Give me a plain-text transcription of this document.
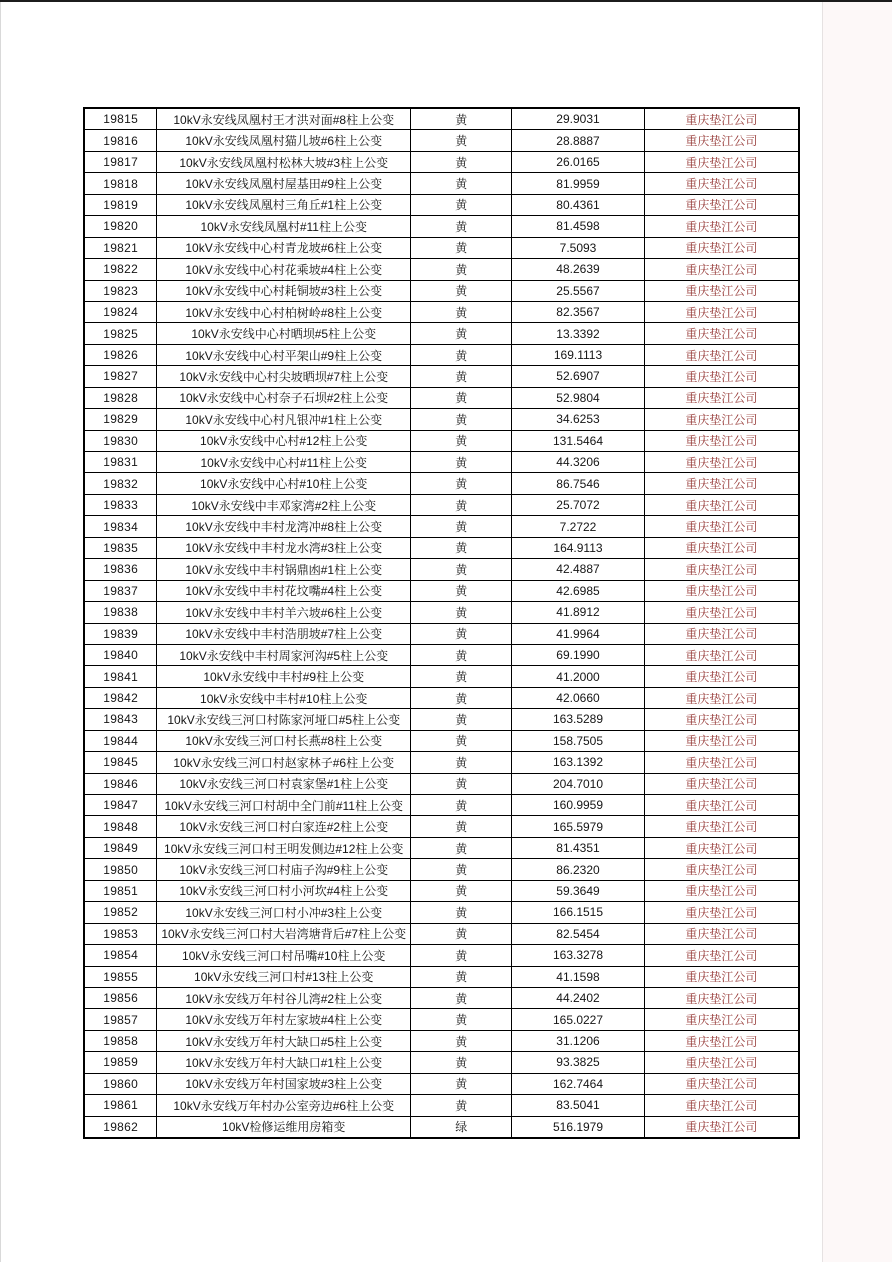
19815	10kV永安线凤凰村王才洪对面#8柱上公变	黄	29.9031	重庆垫江公司
19816	10kV永安线凤凰村猫儿坡#6柱上公变	黄	28.8887	重庆垫江公司
19817	10kV永安线凤凰村松林大坡#3柱上公变	黄	26.0165	重庆垫江公司
19818	10kV永安线凤凰村屋基田#9柱上公变	黄	81.9959	重庆垫江公司
19819	10kV永安线凤凰村三角丘#1柱上公变	黄	80.4361	重庆垫江公司
19820	10kV永安线凤凰村#11柱上公变	黄	81.4598	重庆垫江公司
19821	10kV永安线中心村青龙坡#6柱上公变	黄	7.5093	重庆垫江公司
19822	10kV永安线中心村花乘坡#4柱上公变	黄	48.2639	重庆垫江公司
19823	10kV永安线中心村耗铜坡#3柱上公变	黄	25.5567	重庆垫江公司
19824	10kV永安线中心村柏树岭#8柱上公变	黄	82.3567	重庆垫江公司
19825	10kV永安线中心村晒坝#5柱上公变	黄	13.3392	重庆垫江公司
19826	10kV永安线中心村平架山#9柱上公变	黄	169.1113	重庆垫江公司
19827	10kV永安线中心村尖坡晒坝#7柱上公变	黄	52.6907	重庆垫江公司
19828	10kV永安线中心村奈子石坝#2柱上公变	黄	52.9804	重庆垫江公司
19829	10kV永安线中心村凡银冲#1柱上公变	黄	34.6253	重庆垫江公司
19830	10kV永安线中心村#12柱上公变	黄	131.5464	重庆垫江公司
19831	10kV永安线中心村#11柱上公变	黄	44.3206	重庆垫江公司
19832	10kV永安线中心村#10柱上公变	黄	86.7546	重庆垫江公司
19833	10kV永安线中丰邓家湾#2柱上公变	黄	25.7072	重庆垫江公司
19834	10kV永安线中丰村龙湾冲#8柱上公变	黄	7.2722	重庆垫江公司
19835	10kV永安线中丰村龙水湾#3柱上公变	黄	164.9113	重庆垫江公司
19836	10kV永安线中丰村锅鼎凼#1柱上公变	黄	42.4887	重庆垫江公司
19837	10kV永安线中丰村花坟嘴#4柱上公变	黄	42.6985	重庆垫江公司
19838	10kV永安线中丰村羊六坡#6柱上公变	黄	41.8912	重庆垫江公司
19839	10kV永安线中丰村浩朋坡#7柱上公变	黄	41.9964	重庆垫江公司
19840	10kV永安线中丰村周家河沟#5柱上公变	黄	69.1990	重庆垫江公司
19841	10kV永安线中丰村#9柱上公变	黄	41.2000	重庆垫江公司
19842	10kV永安线中丰村#10柱上公变	黄	42.0660	重庆垫江公司
19843	10kV永安线三河口村陈家河垭口#5柱上公变	黄	163.5289	重庆垫江公司
19844	10kV永安线三河口村长燕#8柱上公变	黄	158.7505	重庆垫江公司
19845	10kV永安线三河口村赵家林子#6柱上公变	黄	163.1392	重庆垫江公司
19846	10kV永安线三河口村袁家堡#1柱上公变	黄	204.7010	重庆垫江公司
19847	10kV永安线三河口村胡中全门前#11柱上公变	黄	160.9959	重庆垫江公司
19848	10kV永安线三河口村白家连#2柱上公变	黄	165.5979	重庆垫江公司
19849	10kV永安线三河口村王明发侧边#12柱上公变	黄	81.4351	重庆垫江公司
19850	10kV永安线三河口村庙子沟#9柱上公变	黄	86.2320	重庆垫江公司
19851	10kV永安线三河口村小河坎#4柱上公变	黄	59.3649	重庆垫江公司
19852	10kV永安线三河口村小冲#3柱上公变	黄	166.1515	重庆垫江公司
19853	10kV永安线三河口村大岩湾塘背后#7柱上公变	黄	82.5454	重庆垫江公司
19854	10kV永安线三河口村吊嘴#10柱上公变	黄	163.3278	重庆垫江公司
19855	10kV永安线三河口村#13柱上公变	黄	41.1598	重庆垫江公司
19856	10kV永安线万年村谷儿湾#2柱上公变	黄	44.2402	重庆垫江公司
19857	10kV永安线万年村左家坡#4柱上公变	黄	165.0227	重庆垫江公司
19858	10kV永安线万年村大缺口#5柱上公变	黄	31.1206	重庆垫江公司
19859	10kV永安线万年村大缺口#1柱上公变	黄	93.3825	重庆垫江公司
19860	10kV永安线万年村国家坡#3柱上公变	黄	162.7464	重庆垫江公司
19861	10kV永安线万年村办公室旁边#6柱上公变	黄	83.5041	重庆垫江公司
19862	10kV检修运维用房箱变	绿	516.1979	重庆垫江公司
